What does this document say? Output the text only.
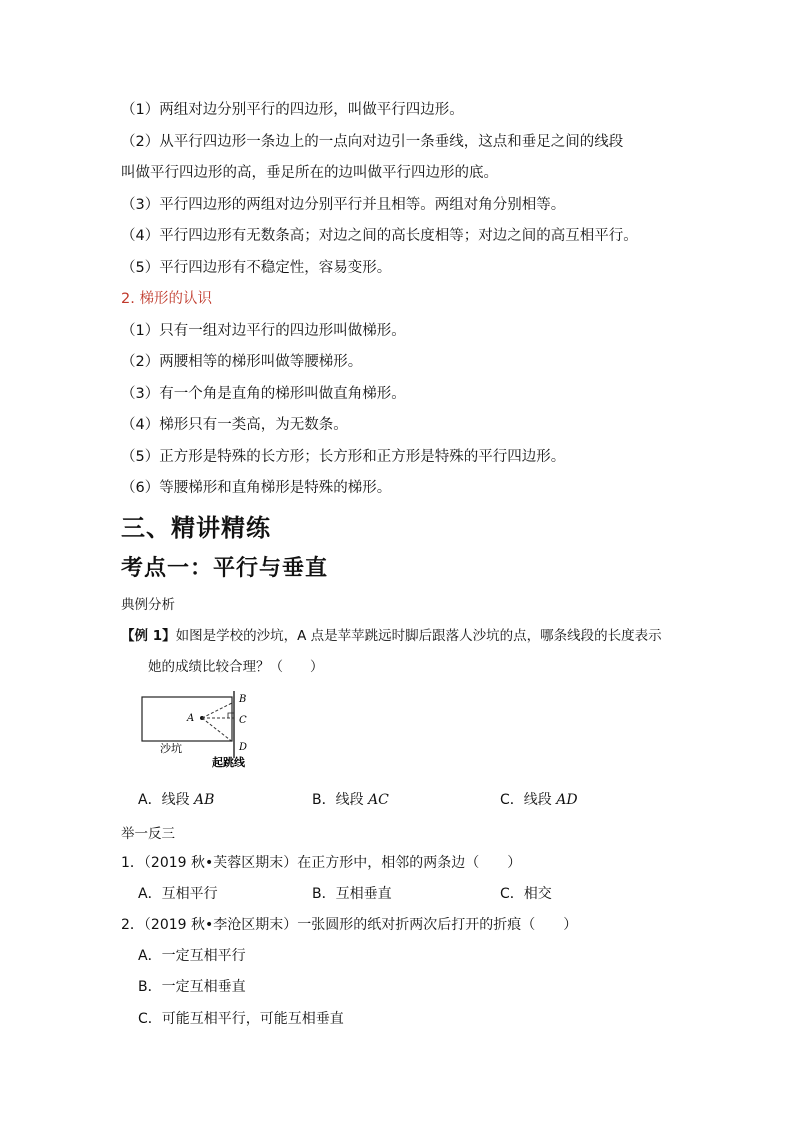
（1）两组对边分别平行的四边形，叫做平行四边形。
（2）从平行四边形一条边上的一点向对边引一条垂线，这点和垂足之间的线段
叫做平行四边形的高，垂足所在的边叫做平行四边形的底。
（3）平行四边形的两组对边分别平行并且相等。两组对角分别相等。
（4）平行四边形有无数条高；对边之间的高长度相等；对边之间的高互相平行。
（5）平行四边形有不稳定性，容易变形。
2. 梯形的认识
（1）只有一组对边平行的四边形叫做梯形。
（2）两腰相等的梯形叫做等腰梯形。
（3）有一个角是直角的梯形叫做直角梯形。
（4）梯形只有一类高，为无数条。
（5）正方形是特殊的长方形；长方形和正方形是特殊的平行四边形。
（6）等腰梯形和直角梯形是特殊的梯形。
三、精讲精练
考点一：平行与垂直
典例分析
【例 1】如图是学校的沙坑，A 点是苹苹跳远时脚后跟落人沙坑的点，哪条线段的长度表示
她的成绩比较合理？（　　）
A
B
C
D
沙坑
起跳线
A．线段 AB	B．线段 AC	C．线段 AD
举一反三
1．（2019 秋•芙蓉区期末）在正方形中，相邻的两条边（　　）
A．互相平行	B．互相垂直	C．相交
2．（2019 秋•李沧区期末）一张圆形的纸对折两次后打开的折痕（　　）
A．一定互相平行
B．一定互相垂直
C．可能互相平行，可能互相垂直
